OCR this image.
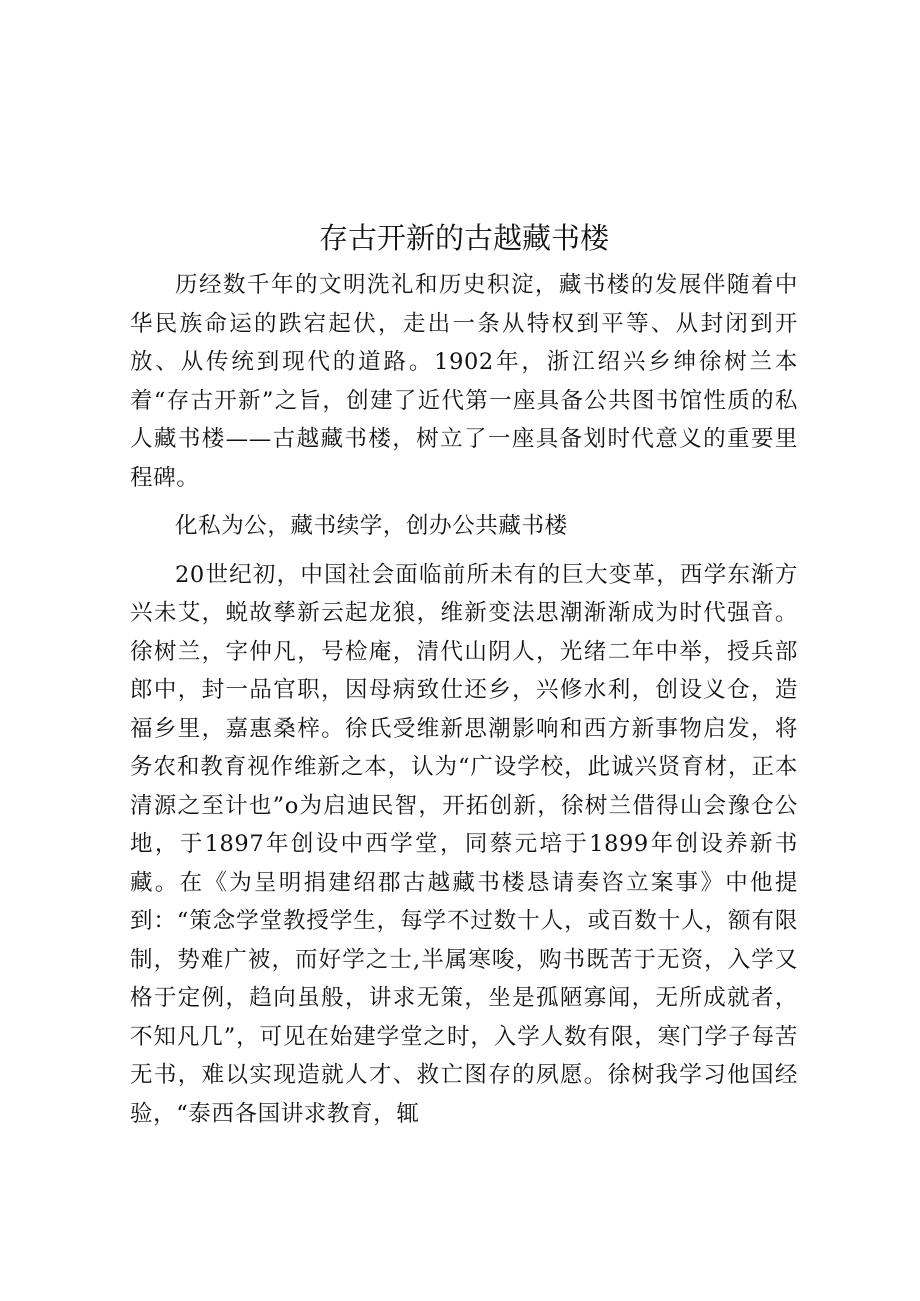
存古开新的古越藏书楼

历经数千年的文明洗礼和历史积淀，藏书楼的发展伴随着中华民族命运的跌宕起伏，走出一条从特权到平等、从封闭到开放、从传统到现代的道路。1902年，浙江绍兴乡绅徐树兰本着“存古开新”之旨，创建了近代第一座具备公共图书馆性质的私人藏书楼——古越藏书楼，树立了一座具备划时代意义的重要里程碑。

化私为公，藏书续学，创办公共藏书楼

20世纪初，中国社会面临前所未有的巨大变革，西学东渐方兴未艾，蜕故孳新云起龙狼，维新变法思潮渐渐成为时代强音。徐树兰，字仲凡，号检庵，清代山阴人，光绪二年中举，授兵部郎中，封一品官职，因母病致仕还乡，兴修水利，创设义仓，造福乡里，嘉惠桑梓。徐氏受维新思潮影响和西方新事物启发，将务农和教育视作维新之本，认为“广设学校，此诚兴贤育材，正本清源之至计也”o为启迪民智，开拓创新，徐树兰借得山会豫仓公地，于1897年创设中西学堂，同蔡元培于1899年创设养新书藏。在《为呈明捐建绍郡古越藏书楼恳请奏咨立案事》中他提到：“策念学堂教授学生，每学不过数十人，或百数十人，额有限制，势难广被，而好学之士,半属寒唆，购书既苦于无资，入学又格于定例，趋向虽般，讲求无策，坐是孤陋寡闻，无所成就者，不知凡几”，可见在始建学堂之时，入学人数有限，寒门学子每苦无书，难以实现造就人才、救亡图存的夙愿。徐树我学习他国经验，“泰西各国讲求教育，辄
